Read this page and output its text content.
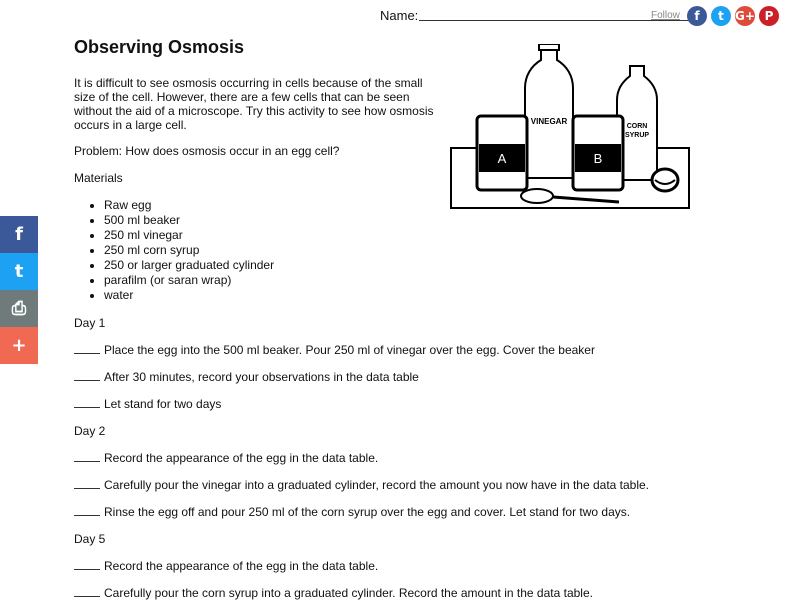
Name:	Follow	f	t G+ P
f
t
⎙
+
VINEGAR
CORN
SYRUP
A	B
Observing Osmosis

It is difficult to see osmosis occurring in cells because of the small size of the cell. However, there are a few cells that can be seen without the aid of a microscope. Try this activity to see how osmosis occurs in a large cell.

Problem: How does osmosis occur in an egg cell?

Materials

• Raw egg
• 500 ml beaker
• 250 ml vinegar
• 250 ml corn syrup
• 250 or larger graduated cylinder
• parafilm (or saran wrap)
• water

Day 1

Place the egg into the 500 ml beaker. Pour 250 ml of vinegar over the egg. Cover the beaker

After 30 minutes, record your observations in the data table

Let stand for two days

Day 2

Record the appearance of the egg in the data table.

Carefully pour the vinegar into a graduated cylinder, record the amount you now have in the data table.

Rinse the egg off and pour 250 ml of the corn syrup over the egg and cover. Let stand for two days.

Day 5

Record the appearance of the egg in the data table.

Carefully pour the corn syrup into a graduated cylinder. Record the amount in the data table.
